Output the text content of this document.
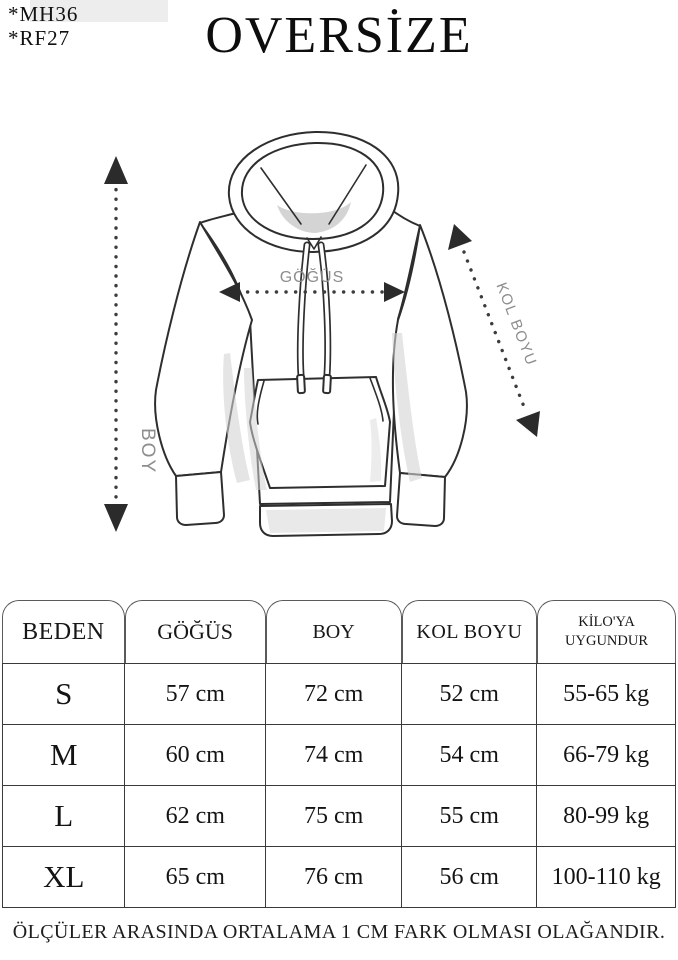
*MH36
*RF27	OVERSİZE
BOY
GÖĞÜS
KOL BOYU
BEDEN	GÖĞÜS	BOY	KOL BOYU	KİLO'YA UYGUNDUR
S	57 cm	72 cm	52 cm	55-65 kg
M	60 cm	74 cm	54 cm	66-79 kg
L	62 cm	75 cm	55 cm	80-99 kg
XL	65 cm	76 cm	56 cm	100-110 kg
ÖLÇÜLER ARASINDA ORTALAMA 1 CM FARK OLMASI OLAĞANDIR.
